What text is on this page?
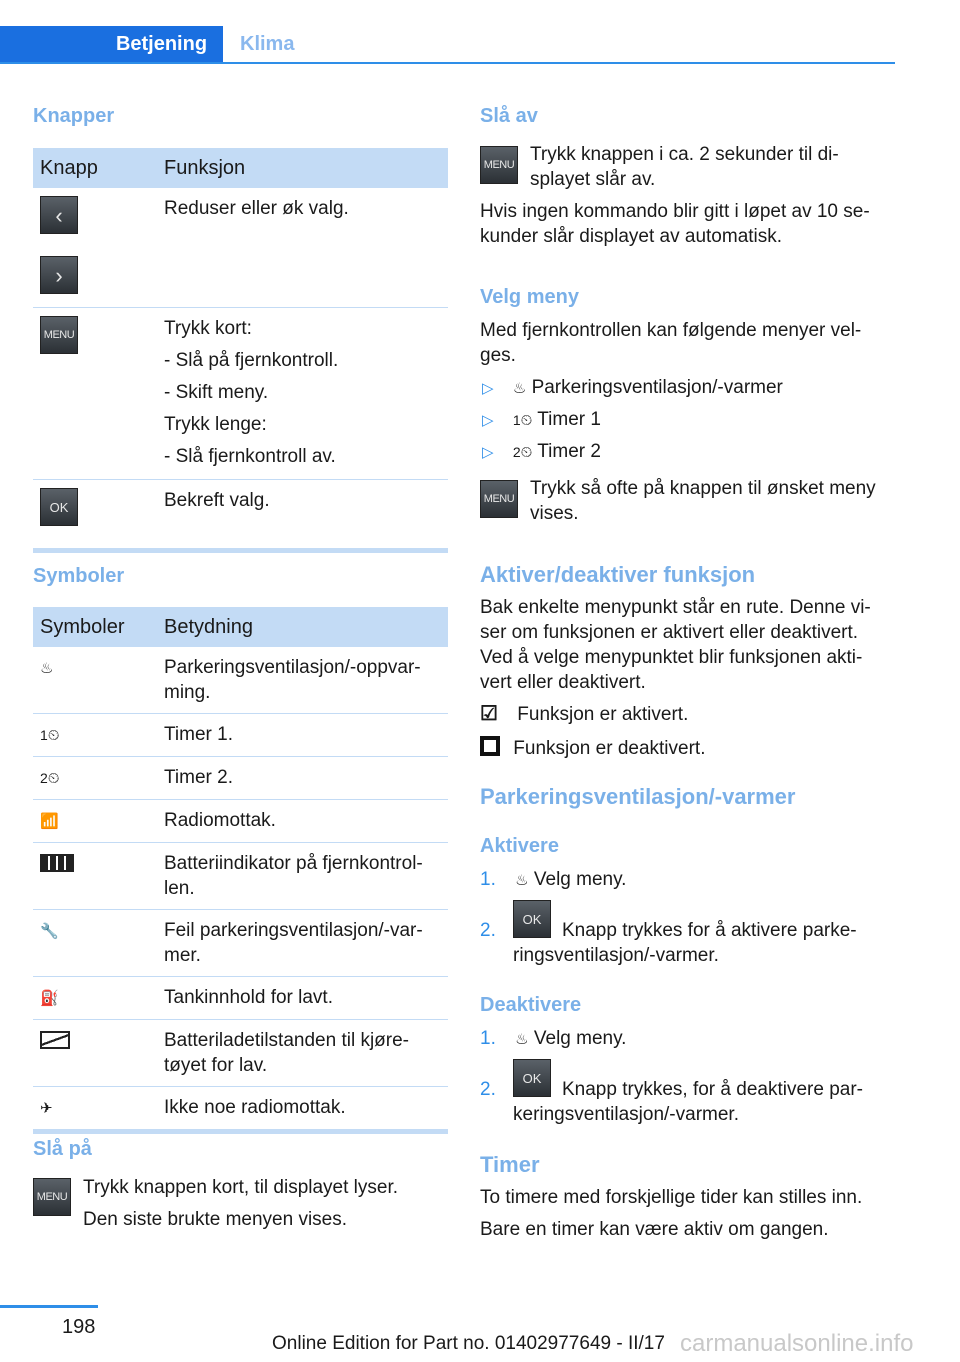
Betjening	Klima
Knapper
Knapp	Funksjon

‹
›	Reduser eller øk valg.

MENU	Trykk kort:
- Slå på fjernkontroll.
- Skift meny.
Trykk lenge:
- Slå fjernkontroll av.

OK	Bekreft valg.
Symboler
Symboler	Betydning
♨	Parkeringsventilasjon/-oppvar-
ming.

1⏲	Timer 1.
2⏲	Timer 2.
📶	Radiomottak.

	Batteriindikator på fjernkontrol-
len.

🔧	Feil parkeringsventilasjon/-var-
mer.

⛽	Tankinnhold for lavt.

	Batteriladetilstanden til kjøre-
tøyet for lav.

✈	Ikke noe radiomottak.
Slå på
MENU Trykk knappen kort, til displayet lyser.
Den siste brukte menyen vises.
Slå av
MENU Trykk knappen i ca. 2 sekunder til di-
splayet slår av.
Hvis ingen kommando blir gitt i løpet av 10 se-
kunder slår displayet av automatisk.
Velg meny
Med fjernkontrollen kan følgende menyer vel-
ges.
▷ ♨ Parkeringsventilasjon/-varmer
▷ 1⏲ Timer 1
▷ 2⏲ Timer 2
MENU Trykk så ofte på knappen til ønsket meny
vises.
Aktiver/deaktiver funksjon
Bak enkelte menypunkt står en rute. Denne vi-
ser om funksjonen er aktivert eller deaktivert.
Ved å velge menypunktet blir funksjonen akti-
vert eller deaktivert.
☑ Funksjon er aktivert.
Funksjon er deaktivert.
Parkeringsventilasjon/-varmer
Aktivere
1. ♨ Velg meny.
2.
OK
Knapp trykkes for å aktivere parke-
ringsventilasjon/-varmer.
Deaktivere
1. ♨ Velg meny.
2.
OK
Knapp trykkes, for å deaktivere par-
keringsventilasjon/-varmer.
Timer
To timere med forskjellige tider kan stilles inn.
Bare en timer kan være aktiv om gangen.
198
Online Edition for Part no. 01402977649 - II/17 carmanualsonline.info
